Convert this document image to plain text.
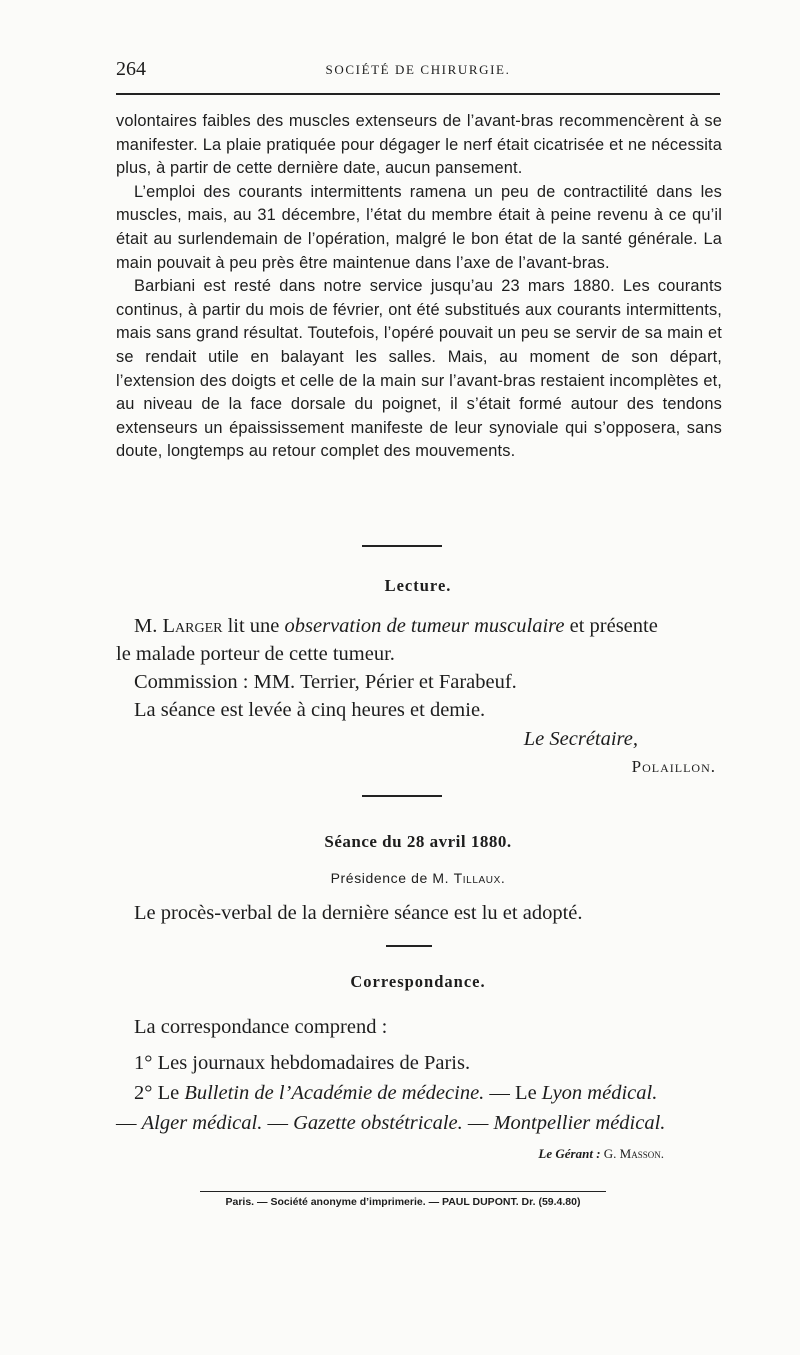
264	SOCIÉTÉ DE CHIRURGIE.

volontaires faibles des muscles extenseurs de l’avant-bras recommencèrent à se manifester. La plaie pratiquée pour dégager le nerf était cicatrisée et ne nécessita plus, à partir de cette dernière date, aucun pansement.

L’emploi des courants intermittents ramena un peu de contractilité dans les muscles, mais, au 31 décembre, l’état du membre était à peine revenu à ce qu’il était au surlendemain de l’opération, malgré le bon état de la santé générale. La main pouvait à peu près être maintenue dans l’axe de l’avant-bras.

Barbiani est resté dans notre service jusqu’au 23 mars 1880. Les courants continus, à partir du mois de février, ont été substitués aux courants intermittents, mais sans grand résultat. Toutefois, l’opéré pouvait un peu se servir de sa main et se rendait utile en balayant les salles. Mais, au moment de son départ, l’extension des doigts et celle de la main sur l’avant-bras restaient incomplètes et, au niveau de la face dorsale du poignet, il s’était formé autour des tendons extenseurs un épaississement manifeste de leur synoviale qui s’opposera, sans doute, longtemps au retour complet des mouvements.

Lecture.

M. Larger lit une observation de tumeur musculaire et présente

le malade porteur de cette tumeur.

Commission : MM. Terrier, Périer et Farabeuf.

La séance est levée à cinq heures et demie.

Le Secrétaire,
Polaillon.
Séance du 28 avril 1880.
Présidence de M. Tillaux.
Le procès-verbal de la dernière séance est lu et adopté.
Correspondance.

La correspondance comprend :

1° Les journaux hebdomadaires de Paris.

2° Le Bulletin de l’Académie de médecine. — Le Lyon médical.

— Alger médical. — Gazette obstétricale. — Montpellier médical.

Le Gérant : G. Masson.
Paris. — Société anonyme d’imprimerie. — PAUL DUPONT. Dr. (59.4.80)
